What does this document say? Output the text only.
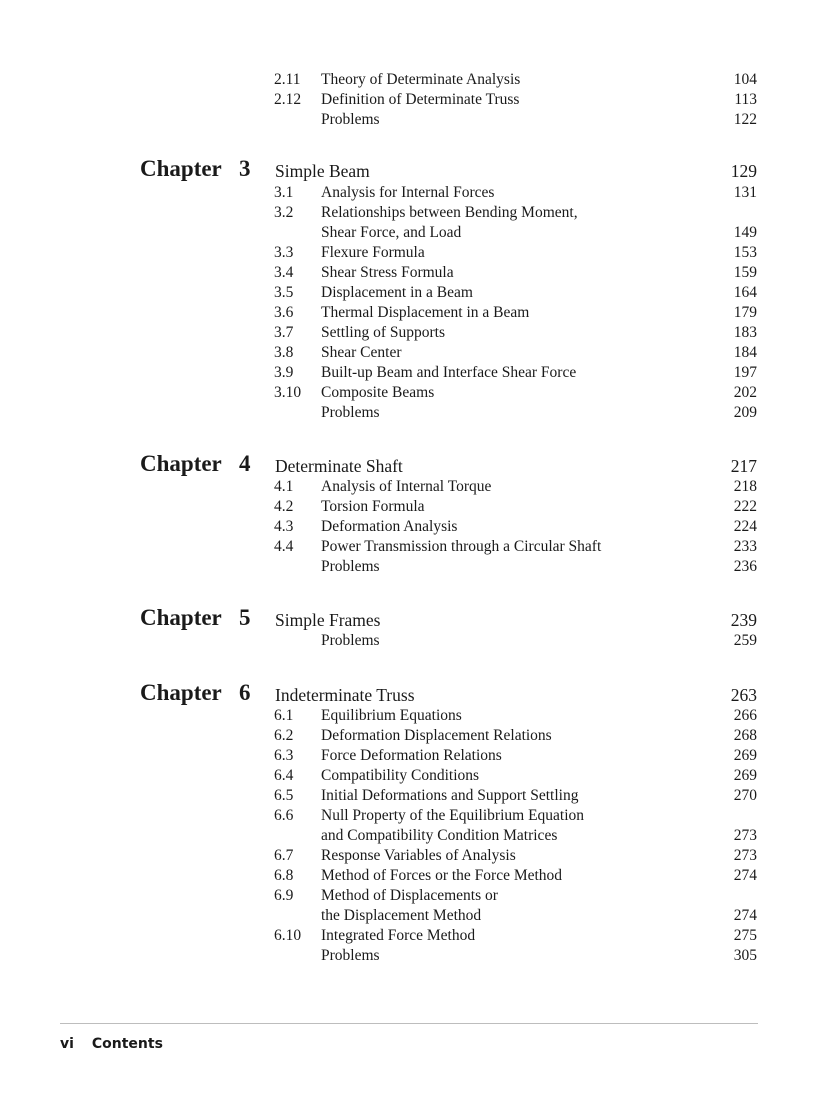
2.11 Theory of Determinate Analysis	104
2.12 Definition of Determinate Truss	113
Problems	122
Chapter 3 Simple Beam	129
3.1 Analysis for Internal Forces	131
3.2 Relationships between Bending Moment,
Shear Force, and Load	149
3.3 Flexure Formula	153
3.4 Shear Stress Formula	159
3.5 Displacement in a Beam	164
3.6 Thermal Displacement in a Beam	179
3.7 Settling of Supports	183
3.8 Shear Center	184
3.9 Built-up Beam and Interface Shear Force	197
3.10 Composite Beams	202
Problems	209
Chapter 4 Determinate Shaft	217
4.1 Analysis of Internal Torque	218
4.2 Torsion Formula	222
4.3 Deformation Analysis	224
4.4 Power Transmission through a Circular Shaft	233
Problems	236
Chapter 5 Simple Frames	239
Problems	259
Chapter 6 Indeterminate Truss	263
6.1 Equilibrium Equations	266
6.2 Deformation Displacement Relations	268
6.3 Force Deformation Relations	269
6.4 Compatibility Conditions	269
6.5 Initial Deformations and Support Settling	270
6.6 Null Property of the Equilibrium Equation
and Compatibility Condition Matrices	273
6.7 Response Variables of Analysis	273
6.8 Method of Forces or the Force Method	274
6.9 Method of Displacements or
the Displacement Method	274
6.10 Integrated Force Method	275
Problems	305
vi Contents
